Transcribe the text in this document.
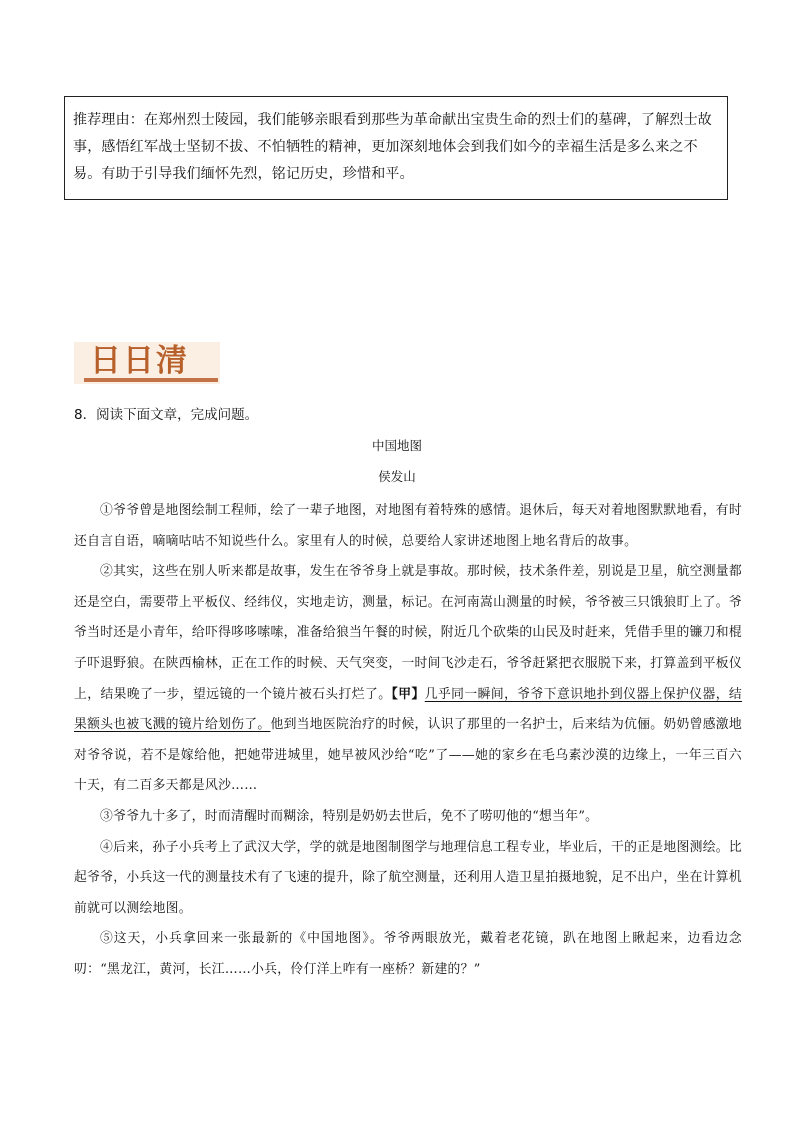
推荐理由：在郑州烈士陵园，我们能够亲眼看到那些为革命献出宝贵生命的烈士们的墓碑，了解烈士故事，感悟红军战士坚韧不拔、不怕牺牲的精神，更加深刻地体会到我们如今的幸福生活是多么来之不易。有助于引导我们缅怀先烈，铭记历史，珍惜和平。
日日清
8．阅读下面文章，完成问题。
中国地图
侯发山

①爷爷曾是地图绘制工程师，绘了一辈子地图，对地图有着特殊的感情。退休后，每天对着地图默默地看，有时还自言自语，嘀嘀咕咕不知说些什么。家里有人的时候，总要给人家讲述地图上地名背后的故事。

②其实，这些在别人听来都是故事，发生在爷爷身上就是事故。那时候，技术条件差，别说是卫星，航空测量都还是空白，需要带上平板仪、经纬仪，实地走访，测量，标记。在河南嵩山测量的时候，爷爷被三只饿狼盯上了。爷爷当时还是小青年，给吓得哆哆嗦嗦，准备给狼当午餐的时候，附近几个砍柴的山民及时赶来，凭借手里的镰刀和棍子吓退野狼。在陕西榆林，正在工作的时候、天气突变，一时间飞沙走石，爷爷赶紧把衣服脱下来，打算盖到平板仪上，结果晚了一步，望远镜的一个镜片被石头打烂了。【甲】几乎同一瞬间，爷爷下意识地扑到仪器上保护仪器，结果额头也被飞溅的镜片给划伤了。他到当地医院治疗的时候，认识了那里的一名护士，后来结为伉俪。奶奶曾感激地对爷爷说，若不是嫁给他，把她带进城里，她早被风沙给“吃”了——她的家乡在毛乌素沙漠的边缘上，一年三百六十天，有二百多天都是风沙……

③爷爷九十多了，时而清醒时而糊涂，特别是奶奶去世后，免不了唠叨他的“想当年”。

④后来，孙子小兵考上了武汉大学，学的就是地图制图学与地理信息工程专业，毕业后，干的正是地图测绘。比起爷爷，小兵这一代的测量技术有了飞速的提升，除了航空测量，还利用人造卫星拍摄地貌，足不出户，坐在计算机前就可以测绘地图。

⑤这天，小兵拿回来一张最新的《中国地图》。爷爷两眼放光，戴着老花镜，趴在地图上瞅起来，边看边念叨：“黑龙江，黄河，长江……小兵，伶仃洋上咋有一座桥？新建的？”
